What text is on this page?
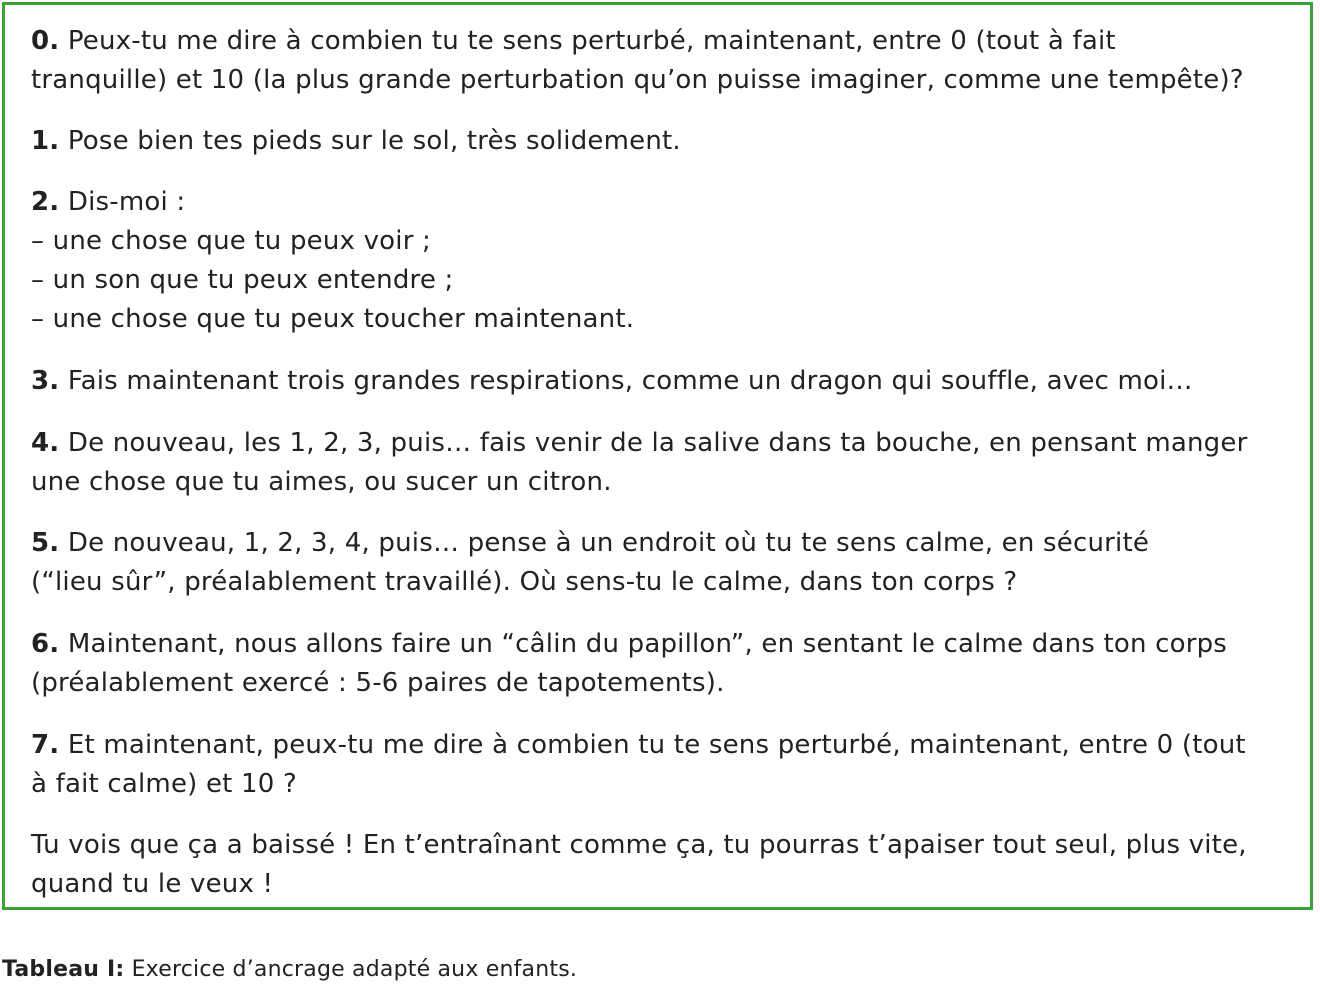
0. Peux-tu me dire à combien tu te sens perturbé, maintenant, entre 0 (tout à fait
tranquille) et 10 (la plus grande perturbation qu’on puisse imaginer, comme une tempête)?

1. Pose bien tes pieds sur le sol, très solidement.

2. Dis-moi :
– une chose que tu peux voir ;
– un son que tu peux entendre ;
– une chose que tu peux toucher maintenant.

3. Fais maintenant trois grandes respirations, comme un dragon qui souffle, avec moi…

4. De nouveau, les 1, 2, 3, puis… fais venir de la salive dans ta bouche, en pensant manger
une chose que tu aimes, ou sucer un citron.

5. De nouveau, 1, 2, 3, 4, puis… pense à un endroit où tu te sens calme, en sécurité
(“lieu sûr”, préalablement travaillé). Où sens-tu le calme, dans ton corps ?

6. Maintenant, nous allons faire un “câlin du papillon”, en sentant le calme dans ton corps
(préalablement exercé : 5-6 paires de tapotements).

7. Et maintenant, peux-tu me dire à combien tu te sens perturbé, maintenant, entre 0 (tout
à fait calme) et 10 ?

Tu vois que ça a baissé ! En t’entraînant comme ça, tu pourras t’apaiser tout seul, plus vite,
quand tu le veux !

Tableau I: Exercice d’ancrage adapté aux enfants.
